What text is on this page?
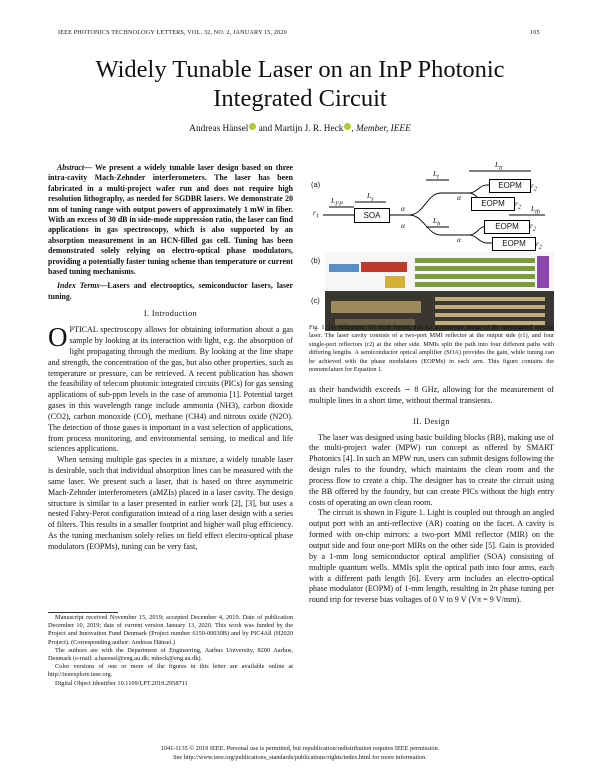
IEEE PHOTONICS TECHNOLOGY LETTERS, VOL. 32, NO. 2, JANUARY 15, 2020	105
Widely Tunable Laser on an InP Photonic
Integrated Circuit
Andreas Hänsel and Martijn J. R. Heck , Member, IEEE

Abstract— We present a widely tunable laser design based on three intra-cavity Mach-Zehnder interferometers. The laser has been fabricated in a multi-project wafer run and does not require high resolution lithography, as needed for SGDBR lasers. We demonstrate 20 nm of tuning range with output powers of approximately 1 mW in fiber. With an excess of 30 dB in side-mode suppression ratio, the laser can find applications in gas spectroscopy, which is also supported by an absorption measurement in an HCN-filled gas cell. Tuning has been demonstrated solely relying on electro-optical phase modulators, providing a potentially faster tuning scheme than temperature or current based tuning mechanisms.

Index Terms—Lasers and electrooptics, semiconductor lasers, laser tuning.

I. Introduction

OPTICAL spectroscopy allows for obtaining information about a gas sample by looking at its interaction with light, e.g. the absorption of light propagating through the medium. By looking at the line shape and strength, the concentration of the gas, but also other properties, such as temperature or pressure, can be retrieved. A recent publication has shown the feasibility of telecom photonic integrated circuits (PICs) for gas sensing applications of sub-ppm levels in the case of ammonia [1]. Potential target gases in this wavelength range include ammonia (NH3), carbon dioxide (CO2), carbon monoxide (CO), methane (CH4) and nitrous oxide (N2O). The detection of those gases is important in a vast selection of applications, from process monitoring, and environmental sensing, to medical and life sciences applications.

When sensing multiple gas species in a mixture, a widely tunable laser is desirable, such that individual absorption lines can be measured with the same laser. We present such a laser, that is based on three asymmetric Mach-Zehnder interferometers (aMZIs) placed in a laser cavity. The design structure is similar to a laser presented in earlier work [2], [3], but uses a nested Fabry-Perot configuration instead of a ring laser design with a series of filters. This results in a smaller footprint and higher wall plug efficiency. As the tuning mechanism solely relies on field effect electro-optical phase modulators (EOPMs), tuning can be very fast,

Manuscript received November 15, 2019; accepted December 4, 2019. Date of publication December 10, 2019; date of current version January 13, 2020. This work was funded by the Project and Innovation Fund Denmark (Project number 6150-00030B) and by PIC4All (H2020 Project). (Corresponding author: Andreas Hänsel.)

The authors are with the Department of Engineering, Aarhus University, 8200 Aarhus, Denmark (e-mail: a.haensel@eng.au.dk; mheck@eng.au.dk).

Color versions of one or more of the figures in this letter are available online at http://ieeexplore.ieee.org.

Digital Object Identifier 10.1109/LPT.2019.2958711

(a)
$L_{FP}$
$L_s$
$L_t$
$L_b$
$L_{tt}$
$L_{tb}$
$r_1$
α
α
α
α
SOA
EOPM
EOPM
EOPM
EOPM
$r_2$
$r_2$
$r_2$
$r_2$
(b)
(c)
Fig. 1. (a) Schematic, (b) mask layout, and (c) microscope image of the investigated on-chip laser. The laser cavity consists of a two-port MMI reflector at the output side (r1), and four single-port reflectors (r2) at the other side. MMIs split the path into four different paths with differing lengths. A semiconductor optical amplifier (SOA) provides the gain, while tuning can be achieved with the phase modulators (EOPMs) in each arm. This figure contains the nomenclature for Equation 1.

as their bandwidth exceeds ∼ 8 GHz, allowing for the measurement of multiple lines in a short time, without thermal transients.

II. Design

The laser was designed using basic building blocks (BB), making use of the multi-project wafer (MPW) run concept as offered by SMART Photonics [4]. In such an MPW run, users can submit designs following the design rules to the foundry, which maintains the clean room and the process flow to create a chip. The designer has to create the circuit using the BB offered by the foundry, but can create PICs without the high entry costs of operating an own clean room.

The circuit is shown in Figure 1. Light is coupled out through an angled output port with an anti-reflective (AR) coating on the facet. A cavity is formed with on-chip mirrors: a two-port MMI reflector (MIR) on the output side and four one-port MIRs on the other side [5]. Gain is provided by a 1-mm long semiconductor optical amplifier (SOA) consisting of multiple quantum wells. MMIs split the optical path into four arms, each with a different path length [6]. Every arm includes an electro-optical phase modulator (EOPM) of 1-mm length, resulting in 2π phase tuning per round trip for reverse bias voltages of 0 V to 9 V (Vπ = 9 V/mm).

1041-1135 © 2019 IEEE. Personal use is permitted, but republication/redistribution requires IEEE permission.
See http://www.ieee.org/publications_standards/publications/rights/index.html for more information.
